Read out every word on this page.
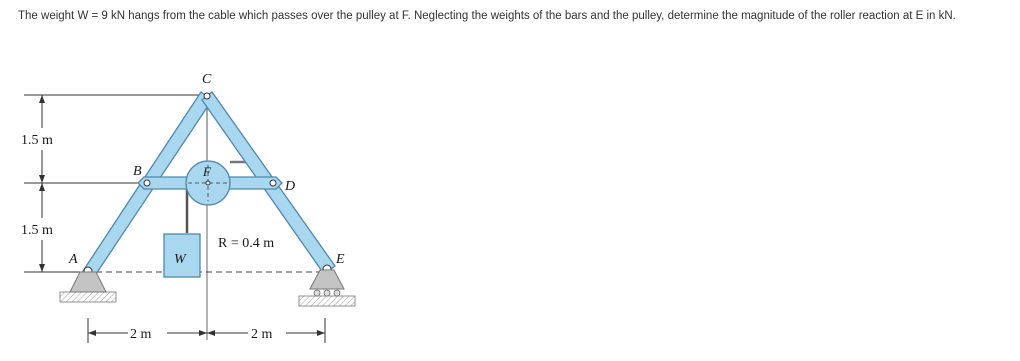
The weight W = 9 kN hangs from the cable which passes over the pulley at F. Neglecting the weights of the bars and the pulley, determine the magnitude of the roller reaction at E in kN.
C
B	F
D
A	E
W
R = 0.4 m
1.5 m
1.5 m
2 m	2 m
